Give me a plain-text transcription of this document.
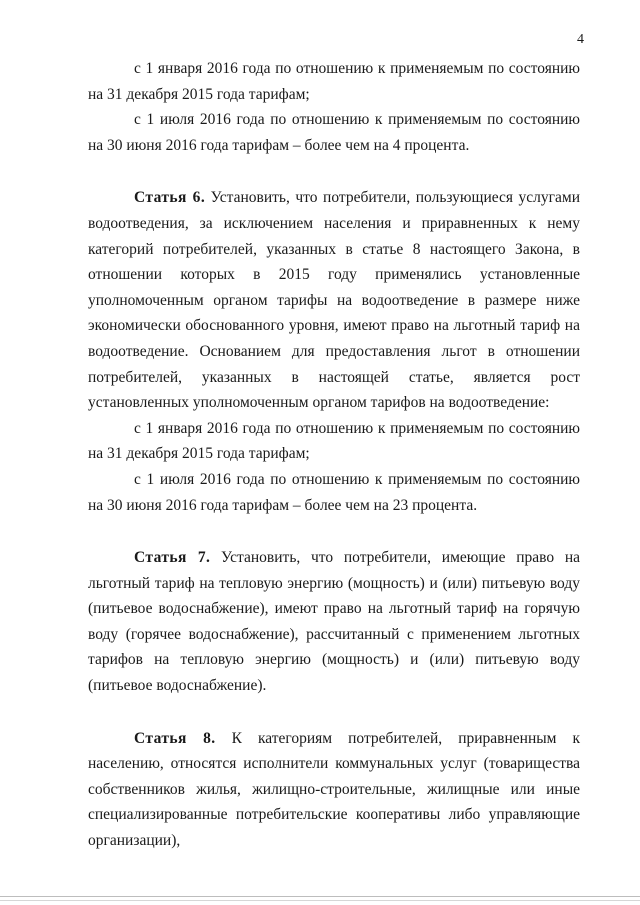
4

с 1 января 2016 года по отношению к применяемым по состоянию на 31 декабря 2015 года тарифам;

с 1 июля 2016 года по отношению к применяемым по состоянию на 30 июня 2016 года тарифам – более чем на 4 процента.

Статья 6. Установить, что потребители, пользующиеся услугами водоотведения, за исключением населения и приравненных к нему категорий потребителей, указанных в статье 8 настоящего Закона, в отношении которых в 2015 году применялись установленные уполномоченным органом тарифы на водоотведение в размере ниже экономически обоснованного уровня, имеют право на льготный тариф на водоотведение. Основанием для предоставления льгот в отношении потребителей, указанных в настоящей статье, является рост установленных уполномоченным органом тарифов на водоотведение:

с 1 января 2016 года по отношению к применяемым по состоянию на 31 декабря 2015 года тарифам;

с 1 июля 2016 года по отношению к применяемым по состоянию на 30 июня 2016 года тарифам – более чем на 23 процента.

Статья 7. Установить, что потребители, имеющие право на льготный тариф на тепловую энергию (мощность) и (или) питьевую воду (питьевое водоснабжение), имеют право на льготный тариф на горячую воду (горячее водоснабжение), рассчитанный с применением льготных тарифов на тепловую энергию (мощность) и (или) питьевую воду (питьевое водоснабжение).

Статья 8. К категориям потребителей, приравненным к населению, относятся исполнители коммунальных услуг (товарищества собственников жилья, жилищно-строительные, жилищные или иные специализированные потребительские кооперативы либо управляющие организации),
